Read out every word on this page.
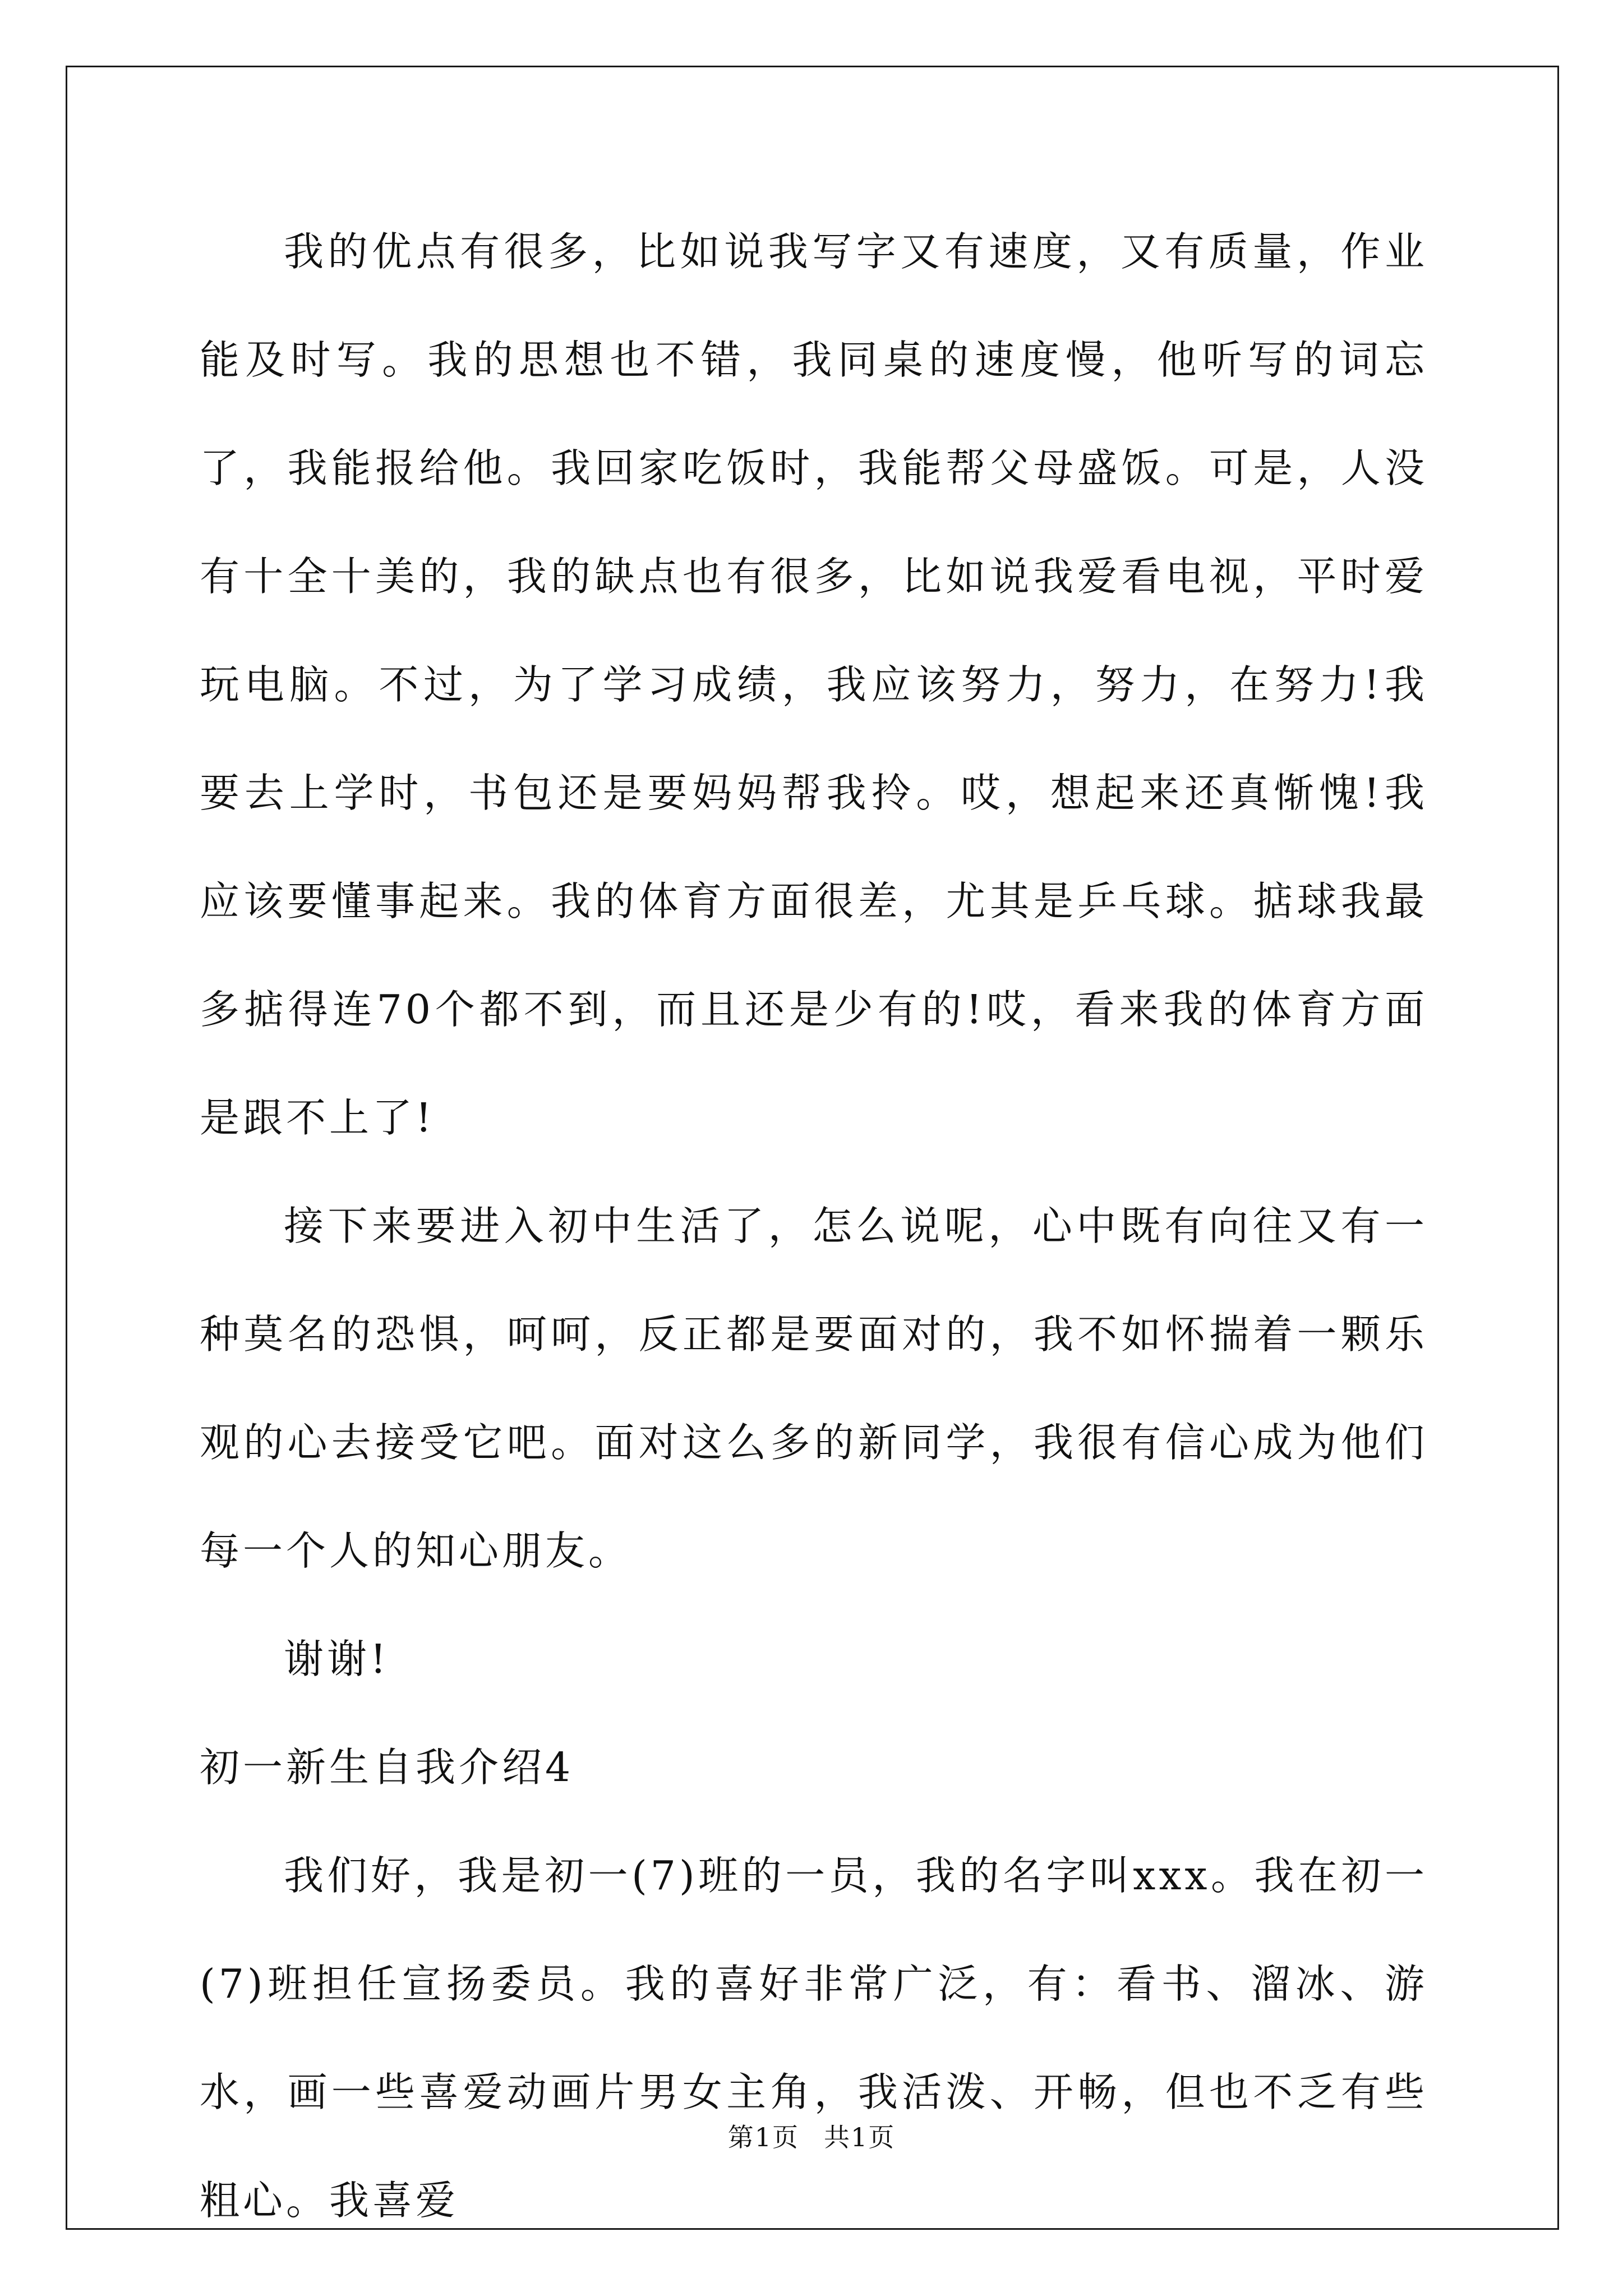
我的优点有很多，比如说我写字又有速度，又有质量，作业能及时写。我的思想也不错，我同桌的速度慢，他听写的词忘了，我能报给他。我回家吃饭时，我能帮父母盛饭。可是，人没有十全十美的，我的缺点也有很多，比如说我爱看电视，平时爱玩电脑。不过，为了学习成绩，我应该努力，努力，在努力!我要去上学时，书包还是要妈妈帮我拎。哎，想起来还真惭愧!我应该要懂事起来。我的体育方面很差，尤其是乒乓球。掂球我最多掂得连70个都不到，而且还是少有的!哎，看来我的体育方面是跟不上了!

接下来要进入初中生活了，怎么说呢，心中既有向往又有一种莫名的恐惧，呵呵，反正都是要面对的，我不如怀揣着一颗乐观的心去接受它吧。面对这么多的新同学，我很有信心成为他们每一个人的知心朋友。

谢谢!

初一新生自我介绍4

我们好，我是初一(7)班的一员，我的名字叫xxx。我在初一(7)班担任宣扬委员。我的喜好非常广泛，有：看书、溜冰、游水，画一些喜爱动画片男女主角，我活泼、开畅，但也不乏有些粗心。我喜爱

第1页 共1页
